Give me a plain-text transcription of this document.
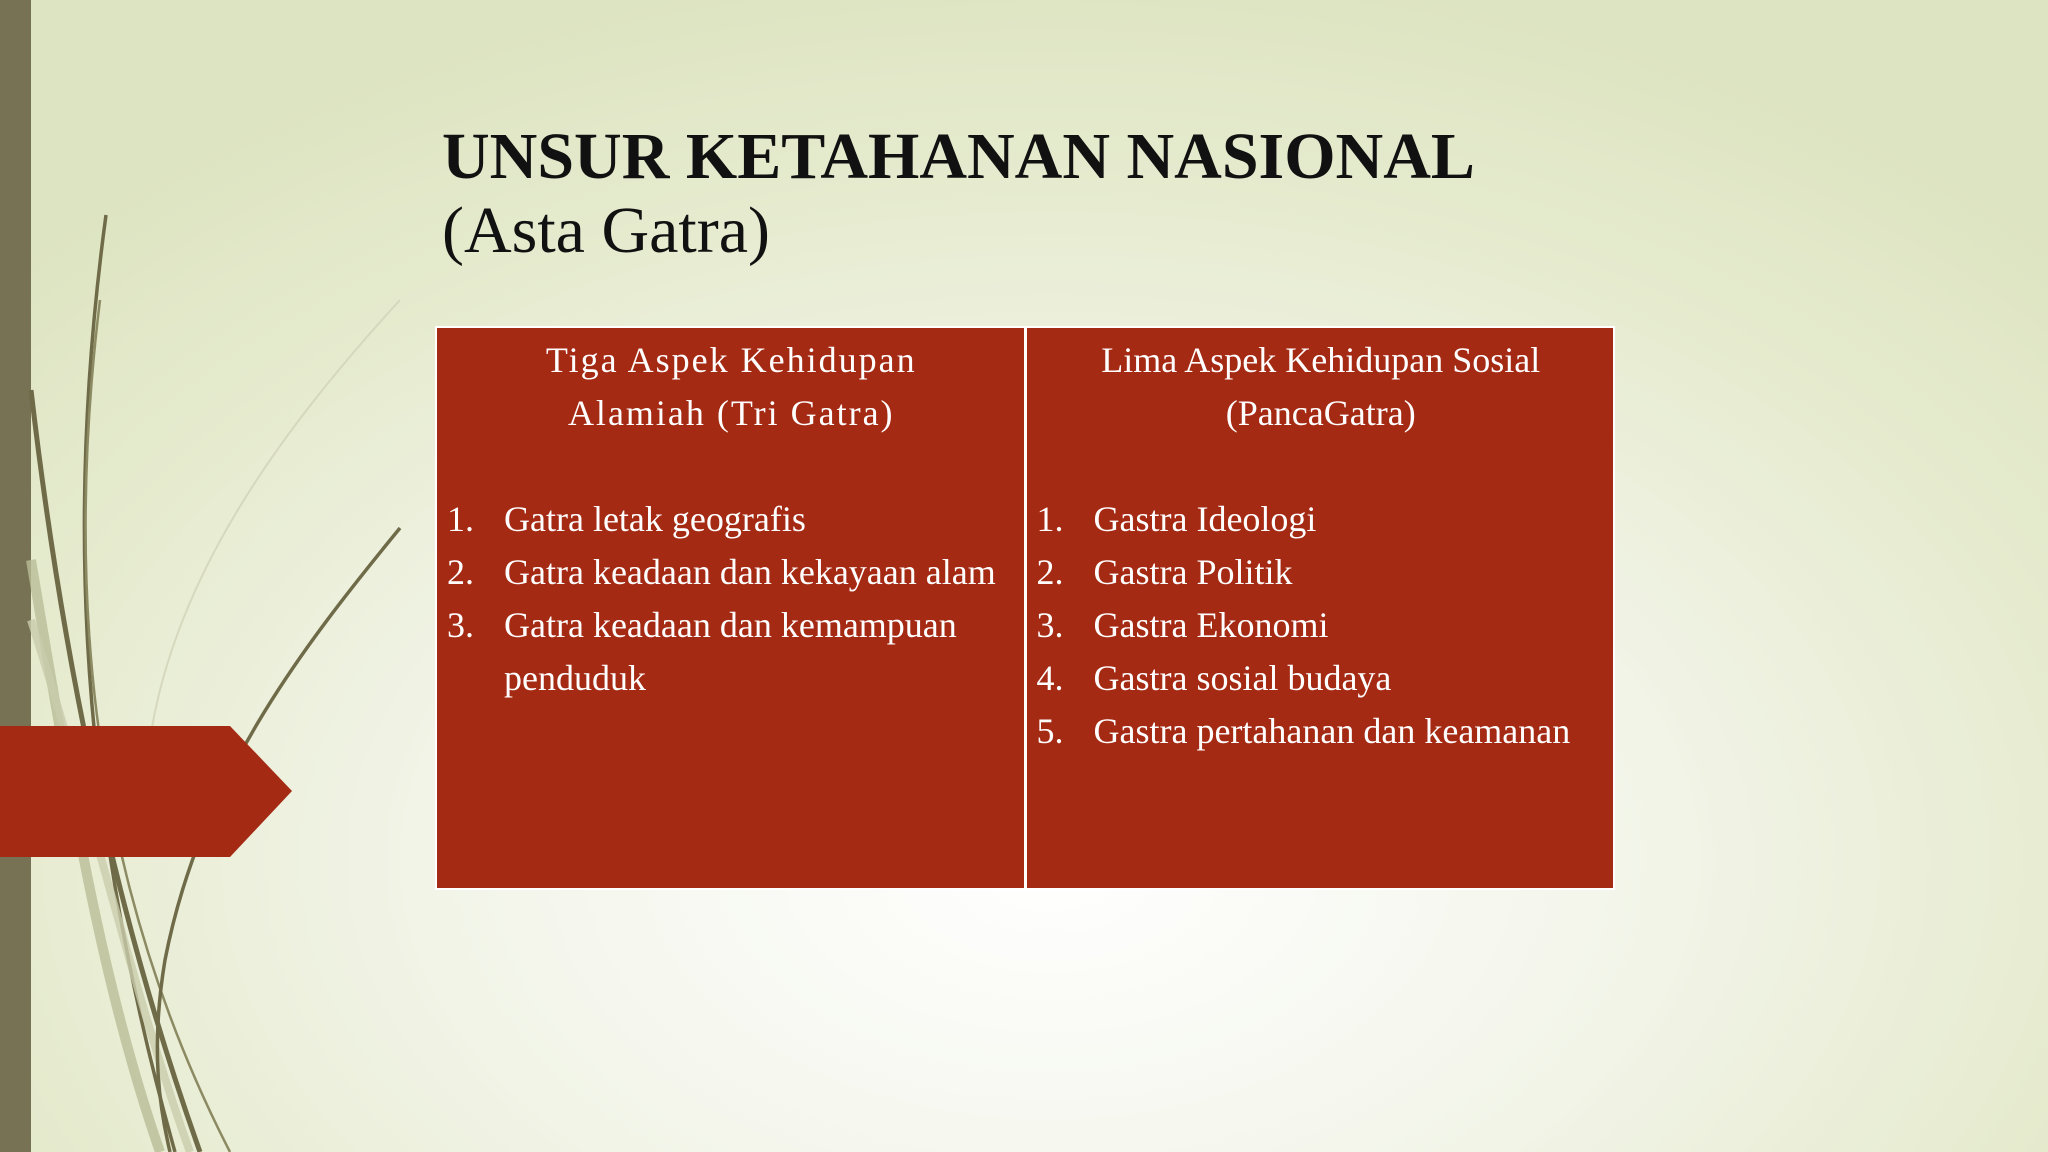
UNSUR KETAHANAN NASIONAL
(Asta Gatra)

Tiga Aspek Kehidupan
Alamiah (Tri Gatra)

1. Gatra letak geografis
2. Gatra keadaan dan kekayaan alam
3. Gatra keadaan dan kemampuan penduduk

Lima Aspek Kehidupan Sosial
(PancaGatra)

1. Gastra Ideologi
2. Gastra Politik
3. Gastra Ekonomi
4. Gastra sosial budaya
5. Gastra pertahanan dan keamanan
